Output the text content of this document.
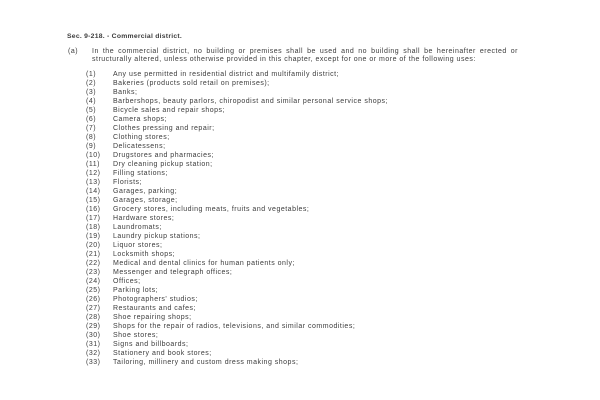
Sec. 9-218. - Commercial district.
(a) In the commercial district, no building or premises shall be used and no building shall be hereinafter erected or structurally altered, unless otherwise provided in this chapter, except for one or more of the following uses:
(1)	Any use permitted in residential district and multifamily district;
(2)	Bakeries (products sold retail on premises);
(3)	Banks;
(4)	Barbershops, beauty parlors, chiropodist and similar personal service shops;
(5)	Bicycle sales and repair shops;
(6)	Camera shops;
(7)	Clothes pressing and repair;
(8)	Clothing stores;
(9)	Delicatessens;
(10)	Drugstores and pharmacies;
(11)	Dry cleaning pickup station;
(12)	Filling stations;
(13)	Florists;
(14)	Garages, parking;
(15)	Garages, storage;
(16)	Grocery stores, including meats, fruits and vegetables;
(17)	Hardware stores;
(18)	Laundromats;
(19)	Laundry pickup stations;
(20)	Liquor stores;
(21)	Locksmith shops;
(22)	Medical and dental clinics for human patients only;
(23)	Messenger and telegraph offices;
(24)	Offices;
(25)	Parking lots;
(26)	Photographers' studios;
(27)	Restaurants and cafes;
(28)	Shoe repairing shops;
(29)	Shops for the repair of radios, televisions, and similar commodities;
(30)	Shoe stores;
(31)	Signs and billboards;
(32)	Stationery and book stores;
(33)	Tailoring, millinery and custom dress making shops;
